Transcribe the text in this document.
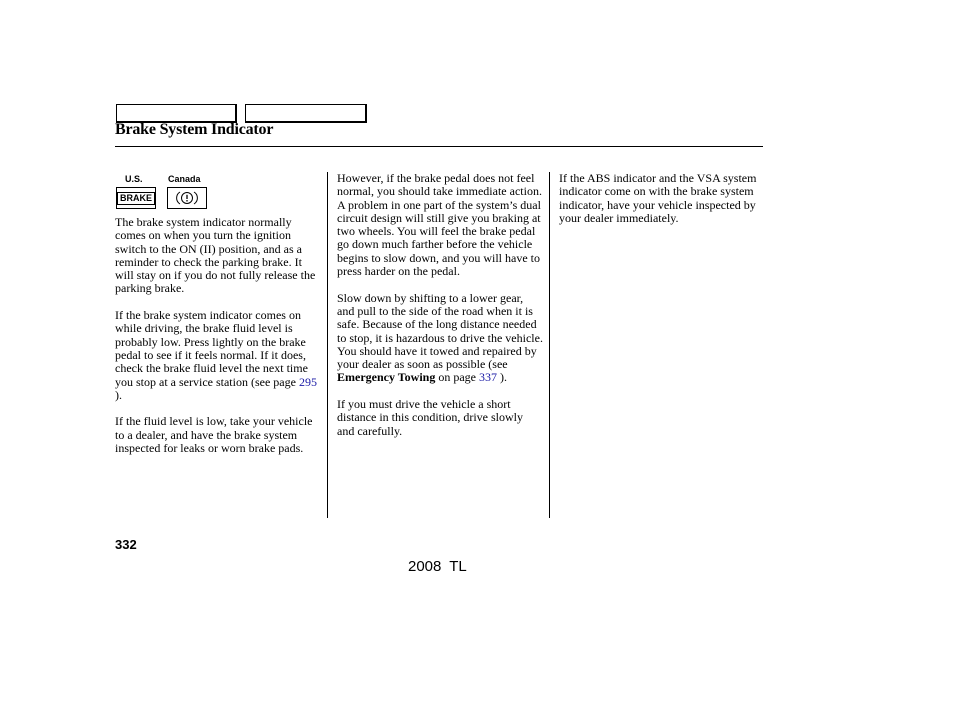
Brake System Indicator
U.S.	Canada
BRAKE

The brake system indicator normally comes on when you turn the ignition switch to the ON (II) position, and as a reminder to check the parking brake. It will stay on if you do not fully release the parking brake.

If the brake system indicator comes on while driving, the brake fluid level is probably low. Press lightly on the brake pedal to see if it feels normal. If it does, check the brake fluid level the next time you stop at a service station (see page 295 ).

If the fluid level is low, take your vehicle to a dealer, and have the brake system inspected for leaks or worn brake pads.

However, if the brake pedal does not feel normal, you should take immediate action. A problem in one part of the system’s dual circuit design will still give you braking at two wheels. You will feel the brake pedal go down much farther before the vehicle begins to slow down, and you will have to press harder on the pedal.

Slow down by shifting to a lower gear, and pull to the side of the road when it is safe. Because of the long distance needed to stop, it is hazardous to drive the vehicle. You should have it towed and repaired by your dealer as soon as possible (see Emergency Towing on page 337 ).

If you must drive the vehicle a short distance in this condition, drive slowly and carefully.

If the ABS indicator and the VSA system indicator come on with the brake system indicator, have your vehicle inspected by your dealer immediately.

332
2008 TL
